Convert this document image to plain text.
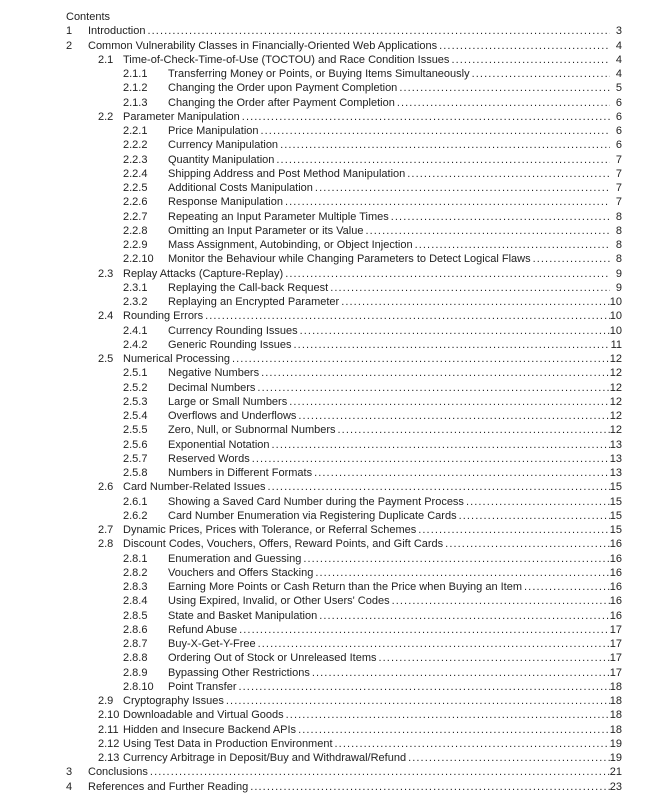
Contents
1	Introduction .....	3
2	Common Vulnerability Classes in Financially-Oriented Web Applications .....	4
2.1 Time-of-Check-Time-of-Use (TOCTOU) and Race Condition Issues .....	4
2.1.1	Transferring Money or Points, or Buying Items Simultaneously .....	4
2.1.2	Changing the Order upon Payment Completion .....	5
2.1.3	Changing the Order after Payment Completion .....	6
2.2 Parameter Manipulation .....	6
2.2.1	Price Manipulation .....	6
2.2.2	Currency Manipulation .....	6
2.2.3	Quantity Manipulation .....	7
2.2.4	Shipping Address and Post Method Manipulation .....	7
2.2.5	Additional Costs Manipulation .....	7
2.2.6	Response Manipulation .....	7
2.2.7	Repeating an Input Parameter Multiple Times .....	8
2.2.8	Omitting an Input Parameter or its Value .....	8
2.2.9	Mass Assignment, Autobinding, or Object Injection .....	8
2.2.10	Monitor the Behaviour while Changing Parameters to Detect Logical Flaws .....	8
2.3 Replay Attacks (Capture-Replay) .....	9
2.3.1	Replaying the Call-back Request .....	9
2.3.2	Replaying an Encrypted Parameter .....	10
2.4 Rounding Errors .....	10
2.4.1	Currency Rounding Issues .....	10
2.4.2	Generic Rounding Issues .....	11
2.5 Numerical Processing .....	12
2.5.1	Negative Numbers .....	12
2.5.2	Decimal Numbers .....	12
2.5.3	Large or Small Numbers .....	12
2.5.4	Overflows and Underflows .....	12
2.5.5	Zero, Null, or Subnormal Numbers .....	12
2.5.6	Exponential Notation .....	13
2.5.7	Reserved Words .....	13
2.5.8	Numbers in Different Formats .....	13
2.6 Card Number-Related Issues .....	15
2.6.1	Showing a Saved Card Number during the Payment Process .....	15
2.6.2	Card Number Enumeration via Registering Duplicate Cards .....	15
2.7 Dynamic Prices, Prices with Tolerance, or Referral Schemes .....	15
2.8 Discount Codes, Vouchers, Offers, Reward Points, and Gift Cards .....	16
2.8.1	Enumeration and Guessing .....	16
2.8.2	Vouchers and Offers Stacking .....	16
2.8.3	Earning More Points or Cash Return than the Price when Buying an Item .....	16
2.8.4	Using Expired, Invalid, or Other Users' Codes .....	16
2.8.5	State and Basket Manipulation .....	16
2.8.6	Refund Abuse .....	17
2.8.7	Buy-X-Get-Y-Free .....	17
2.8.8	Ordering Out of Stock or Unreleased Items .....	17
2.8.9	Bypassing Other Restrictions .....	17
2.8.10	Point Transfer .....	18
2.9 Cryptography Issues .....	18
2.10 Downloadable and Virtual Goods .....	18
2.11 Hidden and Insecure Backend APIs .....	18
2.12 Using Test Data in Production Environment .....	19
2.13 Currency Arbitrage in Deposit/Buy and Withdrawal/Refund .....	19
3	Conclusions .....	21
4	References and Further Reading .....	23
